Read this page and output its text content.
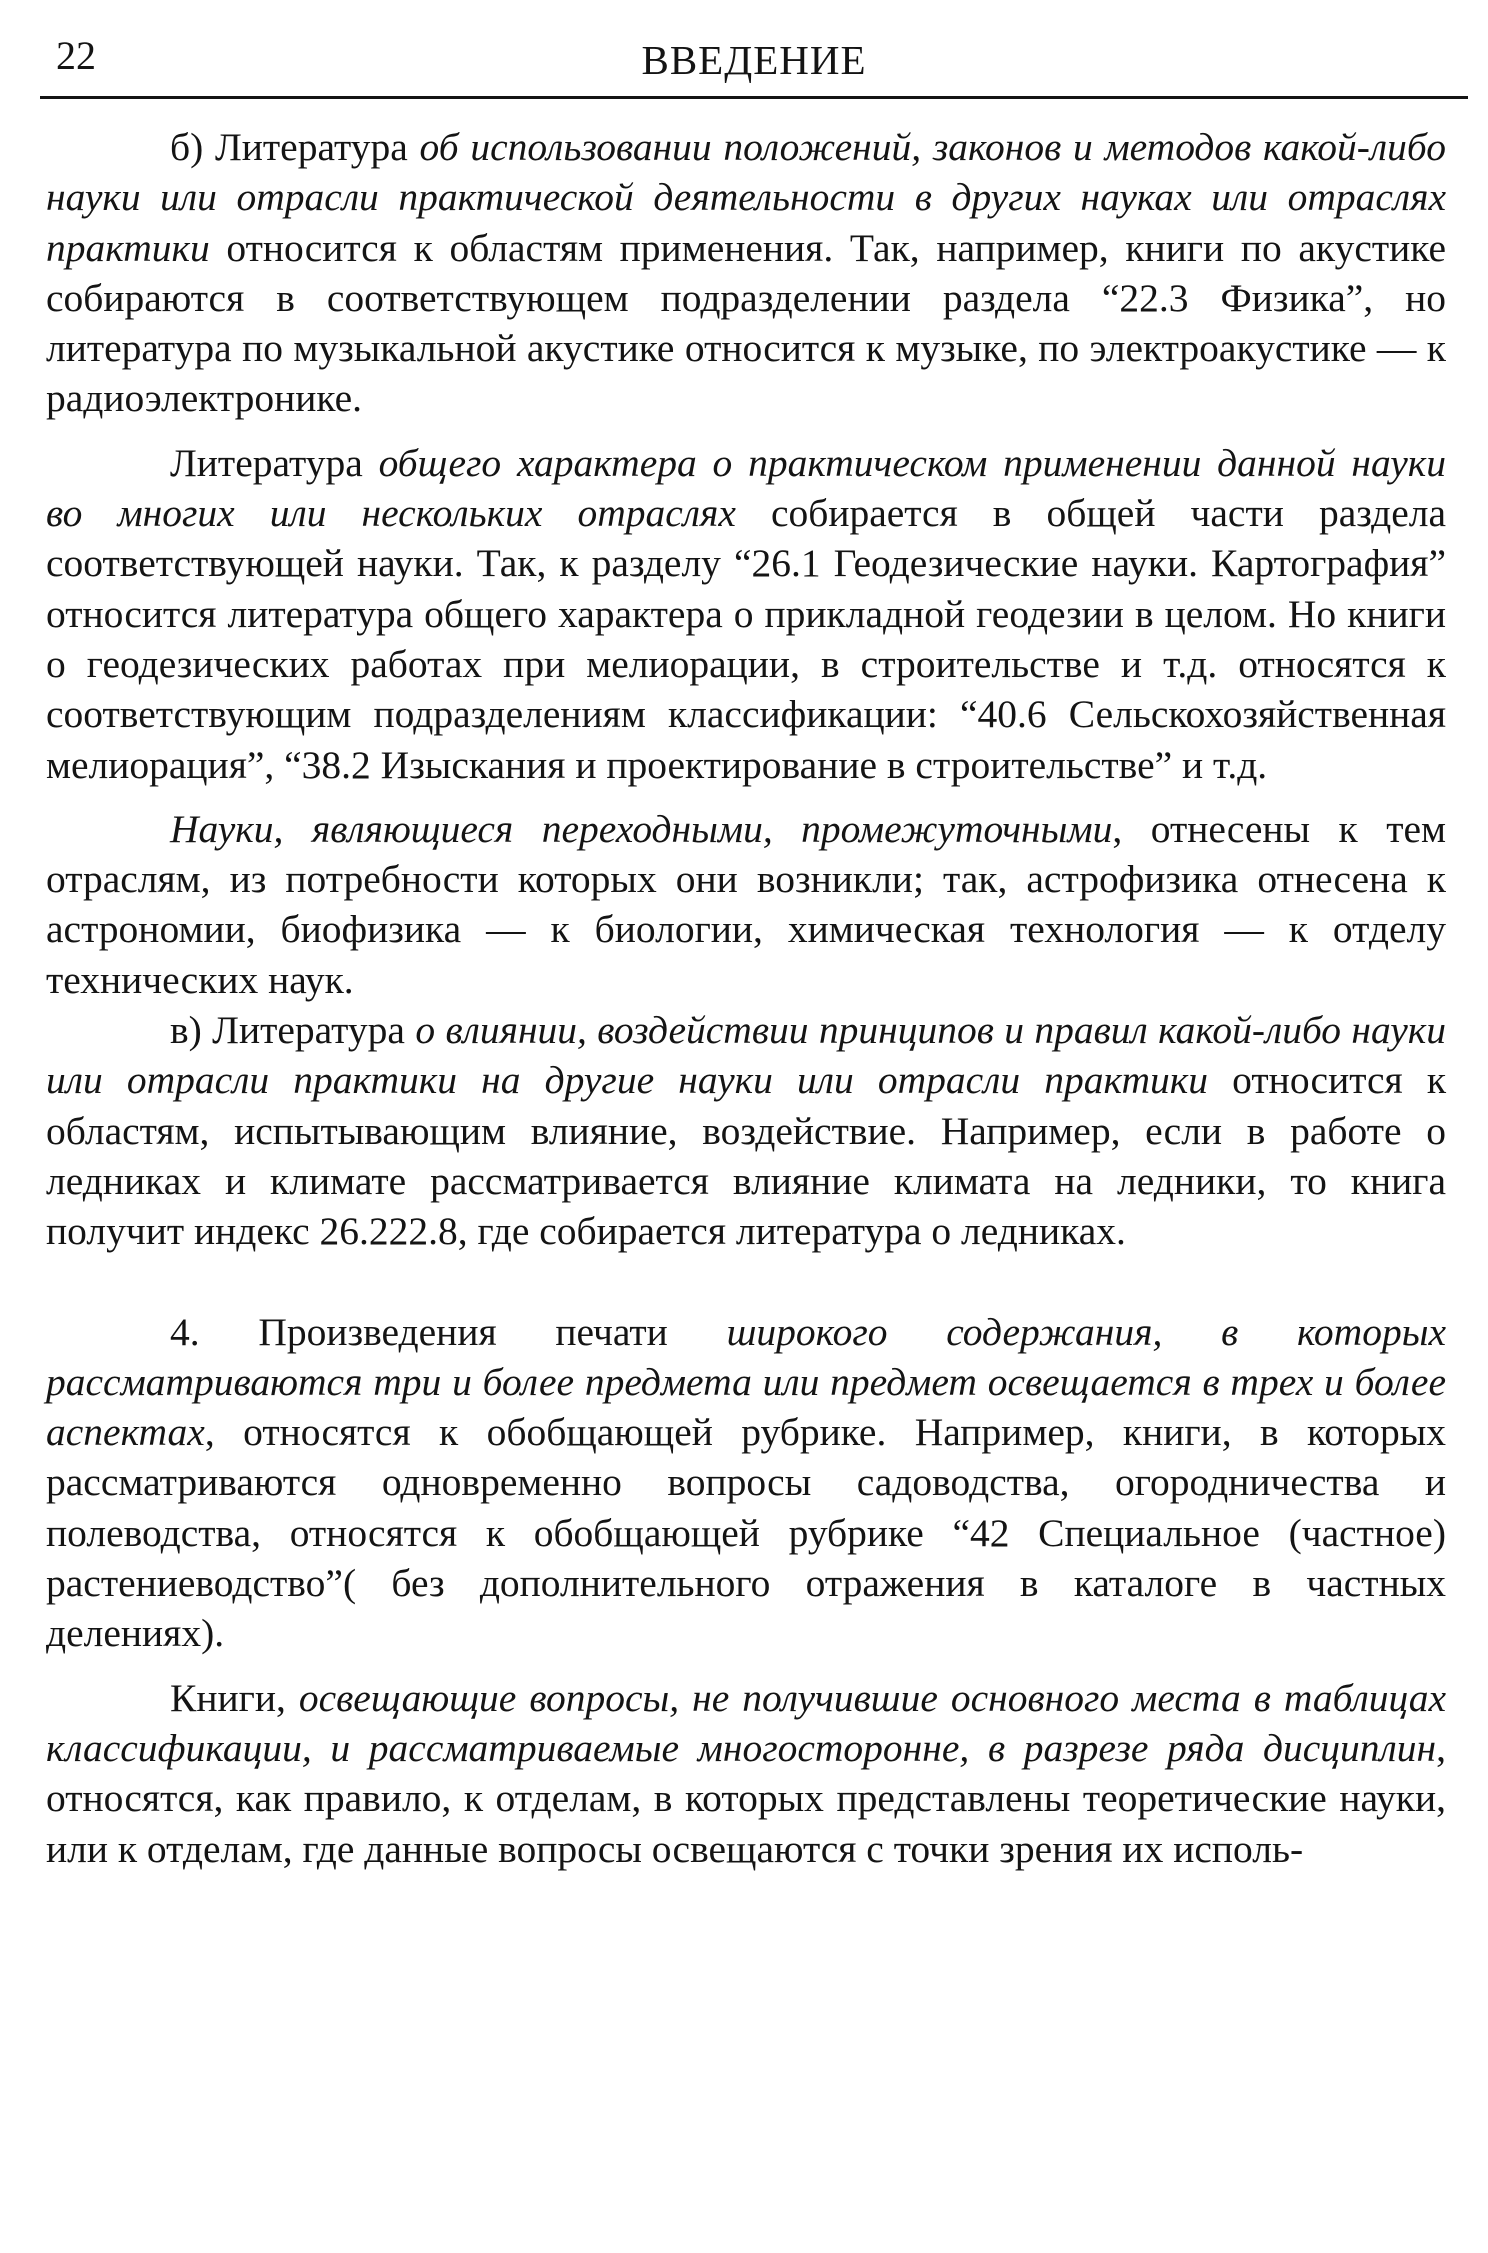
22	ВВЕДЕНИЕ

б) Литература об использовании положений, законов и методов какой-либо науки или отрасли практической деятельности в других науках или отраслях практики относится к областям применения. Так, например, книги по акустике собираются в соответствующем подразделении раздела “22.3 Физика”, но литература по музыкальной акустике относится к музыке, по электроакустике — к радиоэлектронике.

Литература общего характера о практическом применении данной науки во многих или нескольких отраслях собирается в общей части раздела соответствующей науки. Так, к разделу “26.1 Геодезические науки. Картография” относится литература общего характера о прикладной геодезии в целом. Но книги о геодезических работах при мелиорации, в строительстве и т.д. относятся к соответствующим подразделениям классификации: “40.6 Сельскохозяйственная мелиорация”, “38.2 Изыскания и проектирование в строительстве” и т.д.

Науки, являющиеся переходными, промежуточными, отнесены к тем отраслям, из потребности которых они возникли; так, астрофизика отнесена к астрономии, биофизика — к биологии, химическая технология — к отделу технических наук.

в) Литература о влиянии, воздействии принципов и правил какой-либо науки или отрасли практики на другие науки или отрасли практики относится к областям, испытывающим влияние, воздействие. Например, если в работе о ледниках и климате рассматривается влияние климата на ледники, то книга получит индекс 26.222.8, где собирается литература о ледниках.

4. Произведения печати широкого содержания, в которых рассматриваются три и более предмета или предмет освещается в трех и более аспектах, относятся к обобщающей рубрике. Например, книги, в которых рассматриваются одновременно вопросы садоводства, огородничества и полеводства, относятся к обобщающей рубрике “42 Специальное (частное) растениеводство”( без дополнительного отражения в каталоге в частных делениях).

Книги, освещающие вопросы, не получившие основного места в таблицах классификации, и рассматриваемые многосторонне, в разрезе ряда дисциплин, относятся, как правило, к отделам, в которых представлены теоретические науки, или к отделам, где данные вопросы освещаются с точки зрения их исполь-
